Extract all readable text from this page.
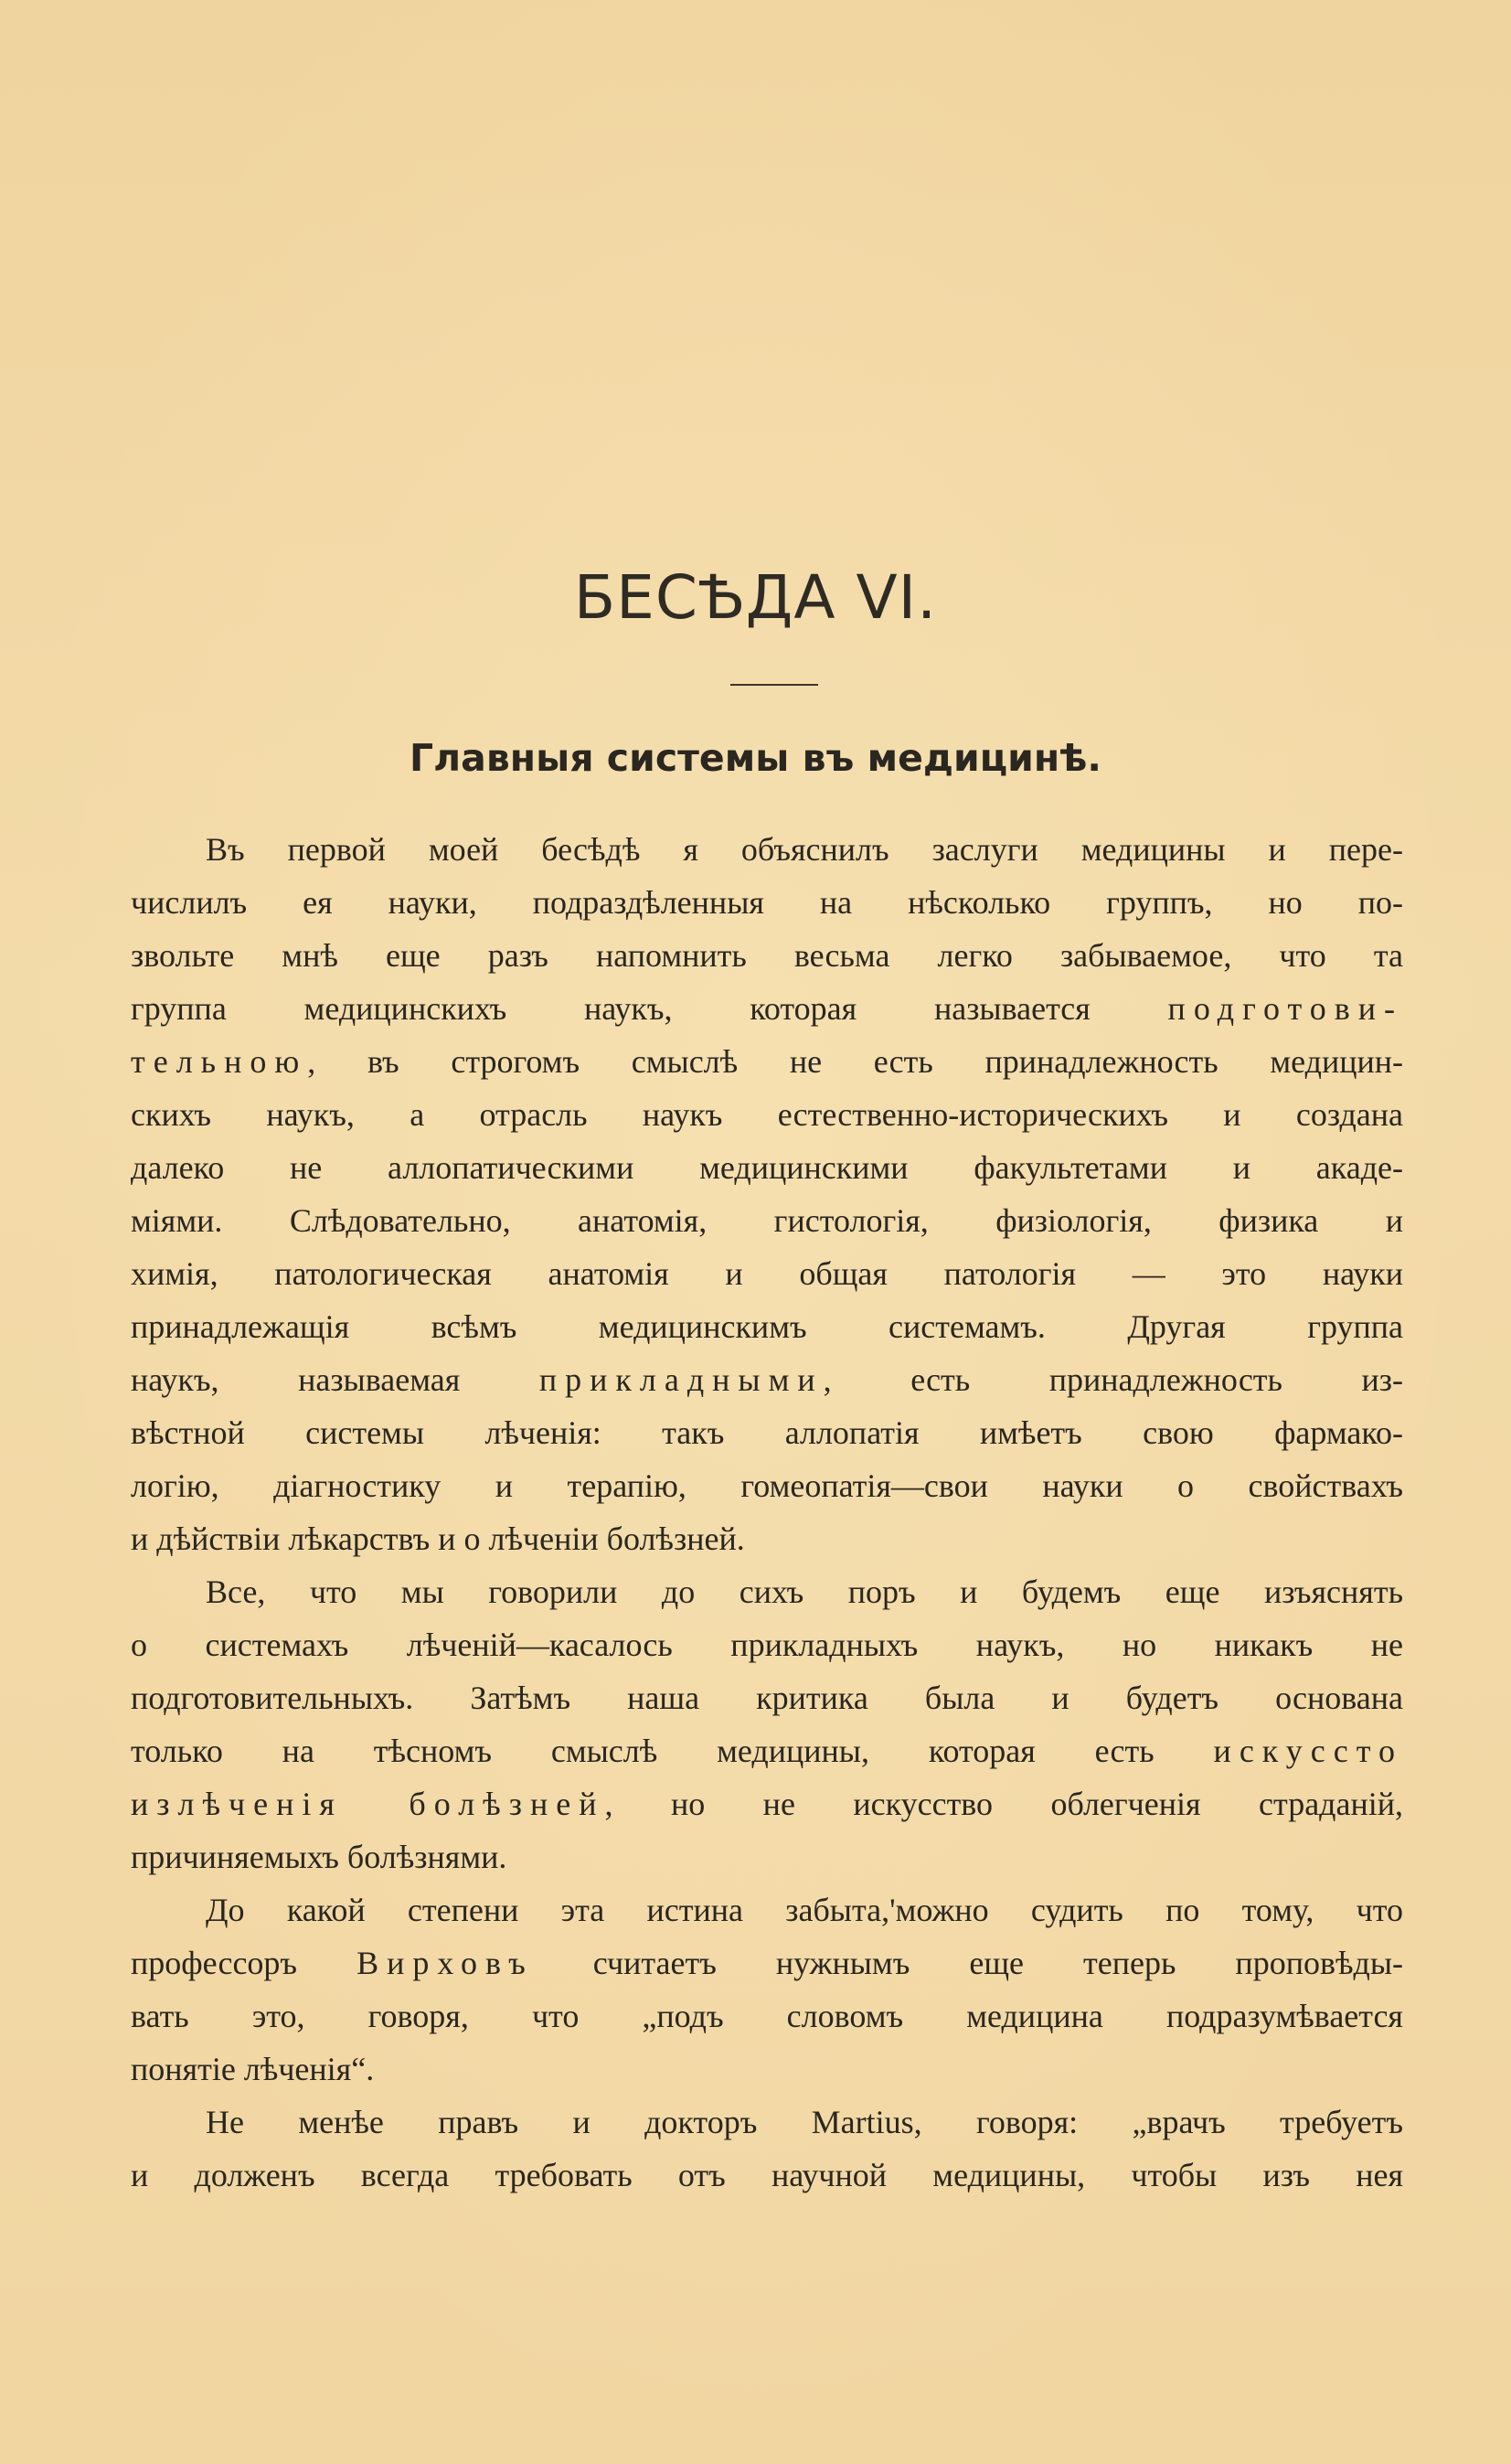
БЕСѢДА VI.
Главныя системы въ медицинѣ.
Въ первой моей бесѣдѣ я объяснилъ заслуги медицины и пере-
числилъ ея науки, подраздѣленныя на нѣсколько группъ, но по-
звольте мнѣ еще разъ напомнить весьма легко забываемое, что та
группа медицинскихъ наукъ, которая называется подготови-
тельною, въ строгомъ смыслѣ не есть принадлежность медицин-
скихъ наукъ, а отрасль наукъ естественно-историческихъ и создана
далеко не аллопатическими медицинскими факультетами и акаде-
міями. Слѣдовательно, анатомія, гистологія, физіологія, физика и
химія, патологическая анатомія и общая патологія — это науки
принадлежащія всѣмъ медицинскимъ системамъ. Другая группа
наукъ, называемая прикладными, есть принадлежность из-
вѣстной системы лѣченія: такъ аллопатія имѣетъ свою фармако-
логію, діагностику и терапію, гомеопатія—свои науки о свойствахъ
и дѣйствіи лѣкарствъ и о лѣченіи болѣзней.
Все, что мы говорили до сихъ поръ и будемъ еще изъяснять
о системахъ лѣченій—касалось прикладныхъ наукъ, но никакъ не
подготовительныхъ. Затѣмъ наша критика была и будетъ основана
только на тѣсномъ смыслѣ медицины, которая есть искуссто
излѣченія болѣзней, но не искусство облегченія страданій,
причиняемыхъ болѣзнями.
До какой степени эта истина забыта,'можно судить по тому, что
профессоръ Вирховъ считаетъ нужнымъ еще теперь проповѣды-
вать это, говоря, что „подъ словомъ медицина подразумѣвается
понятіе лѣченія“.
Не менѣе правъ и докторъ Martius, говоря: „врачъ требуетъ
и долженъ всегда требовать отъ научной медицины, чтобы изъ нея
